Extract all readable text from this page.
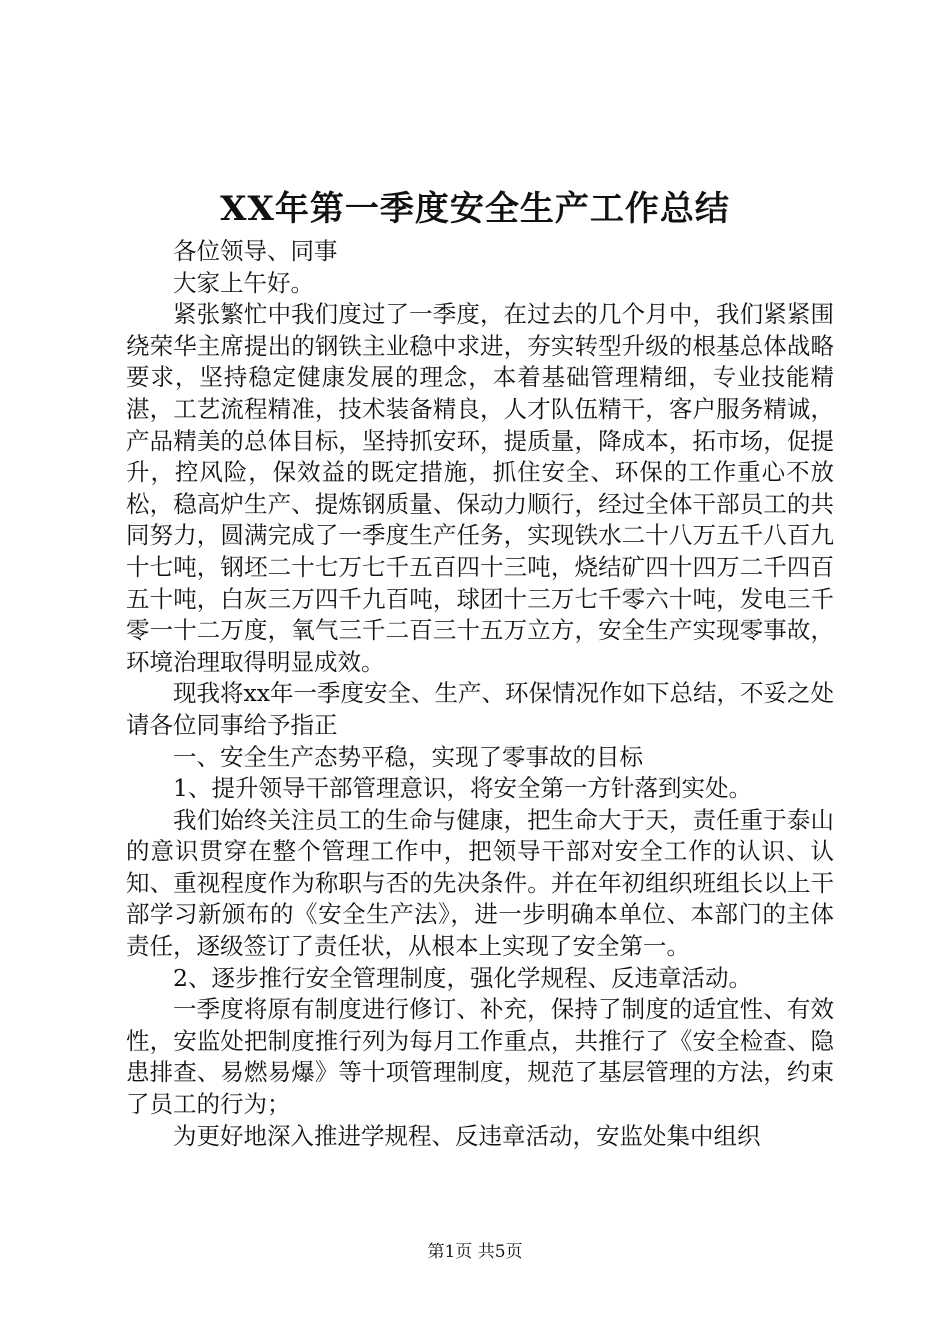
XX年第一季度安全生产工作总结

各位领导、同事

大家上午好。

紧张繁忙中我们度过了一季度，在过去的几个月中，我们紧紧围绕荣华主席提出的钢铁主业稳中求进，夯实转型升级的根基总体战略要求，坚持稳定健康发展的理念，本着基础管理精细，专业技能精湛，工艺流程精准，技术装备精良，人才队伍精干，客户服务精诚，产品精美的总体目标，坚持抓安环，提质量，降成本，拓市场，促提升，控风险，保效益的既定措施，抓住安全、环保的工作重心不放松，稳高炉生产、提炼钢质量、保动力顺行，经过全体干部员工的共同努力，圆满完成了一季度生产任务，实现铁水二十八万五千八百九十七吨，钢坯二十七万七千五百四十三吨，烧结矿四十四万二千四百五十吨，白灰三万四千九百吨，球团十三万七千零六十吨，发电三千零一十二万度，氧气三千二百三十五万立方，安全生产实现零事故，环境治理取得明显成效。

现我将xx年一季度安全、生产、环保情况作如下总结，不妥之处请各位同事给予指正

一、安全生产态势平稳，实现了零事故的目标

1、提升领导干部管理意识，将安全第一方针落到实处。

我们始终关注员工的生命与健康，把生命大于天，责任重于泰山的意识贯穿在整个管理工作中，把领导干部对安全工作的认识、认知、重视程度作为称职与否的先决条件。并在年初组织班组长以上干部学习新颁布的《安全生产法》，进一步明确本单位、本部门的主体责任，逐级签订了责任状，从根本上实现了安全第一。

2、逐步推行安全管理制度，强化学规程、反违章活动。

一季度将原有制度进行修订、补充，保持了制度的适宜性、有效性，安监处把制度推行列为每月工作重点，共推行了《安全检查、隐患排查、易燃易爆》等十项管理制度，规范了基层管理的方法，约束了员工的行为；

为更好地深入推进学规程、反违章活动，安监处集中组织

第1页 共5页
